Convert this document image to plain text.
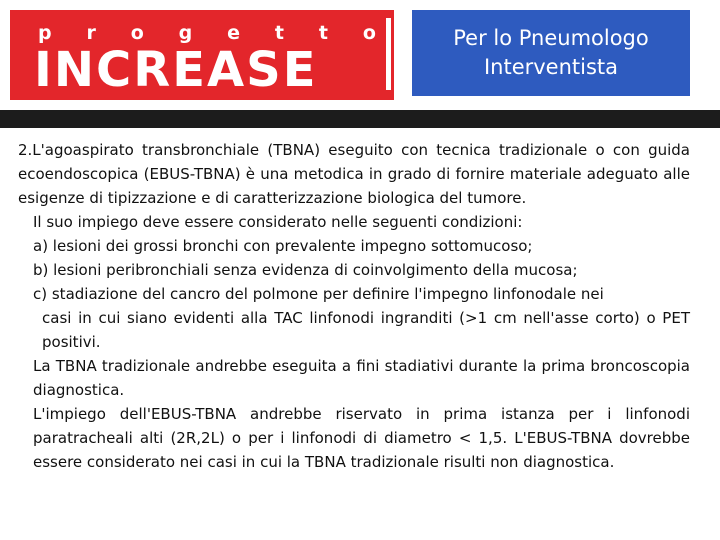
p r o g e t t o
INCREASE
Per lo Pneumologo
Interventista

2.L'agoaspirato transbronchiale (TBNA) eseguito con tecnica tradizionale o con guida ecoendoscopica (EBUS-TBNA) è una metodica in grado di fornire materiale adeguato alle esigenze di tipizzazione e di caratterizzazione biologica del tumore.

Il suo impiego deve essere considerato nelle seguenti condizioni:

a) lesioni dei grossi bronchi con prevalente impegno sottomucoso;

b) lesioni peribronchiali senza evidenza di coinvolgimento della mucosa;

c) stadiazione del cancro del polmone per definire l'impegno linfonodale nei

casi in cui siano evidenti alla TAC linfonodi ingranditi (>1 cm nell'asse corto) o PET positivi.

La TBNA tradizionale andrebbe eseguita a fini stadiativi durante la prima broncoscopia diagnostica.

L'impiego dell'EBUS-TBNA andrebbe riservato in prima istanza per i linfonodi paratracheali alti (2R,2L) o per i linfonodi di diametro < 1,5. L'EBUS-TBNA dovrebbe essere considerato nei casi in cui la TBNA tradizionale risulti non diagnostica.
